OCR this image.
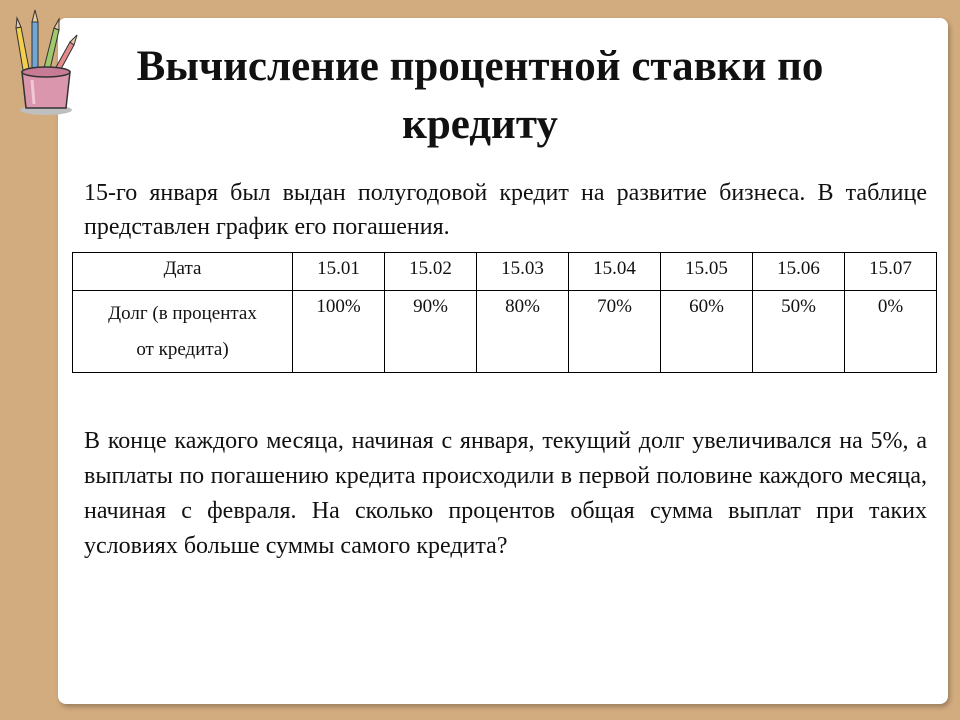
Вычисление процентной ставки по кредиту

15-го января был выдан полугодовой кредит на развитие бизнеса. В таблице представлен график его погашения.

Дата	15.01	15.02	15.03	15.04	15.05	15.06	15.07

Долг (в процентах
от кредита)	100%	90%	80%	70%	60%	50%	0%

В конце каждого месяца, начиная с января, текущий долг увеличивался на 5%, а выплаты по погашению кредита происходили в первой половине каждого месяца, начиная с февраля. На сколько процентов общая сумма выплат при таких условиях больше суммы самого кредита?
